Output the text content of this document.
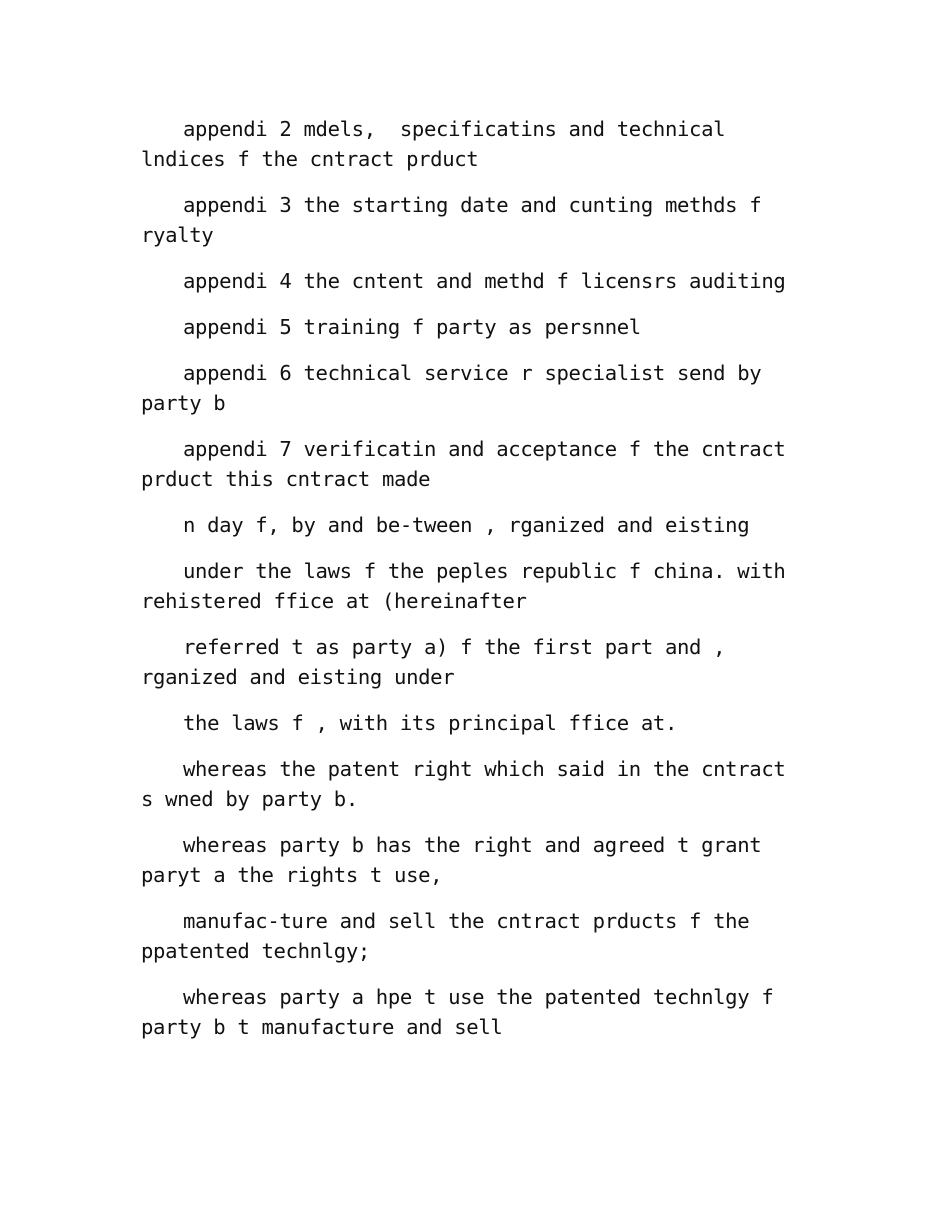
appendi 2 mdels,  specificatins and technical
lndices f the cntract prduct

appendi 3 the starting date and cunting methds f
ryalty

appendi 4 the cntent and methd f licensrs auditing

appendi 5 training f party as persnnel

appendi 6 technical service r specialist send by
party b

appendi 7 verificatin and acceptance f the cntract
prduct this cntract made

n day f, by and be-tween , rganized and eisting

under the laws f the peples republic f china. with
rehistered ffice at (hereinafter

referred t as party a) f the first part and ,
rganized and eisting under

the laws f , with its principal ffice at.

whereas the patent right which said in the cntract
s wned by party b.

whereas party b has the right and agreed t grant
paryt a the rights t use,

manufac-ture and sell the cntract prducts f the
ppatented technlgy;

whereas party a hpe t use the patented technlgy f
party b t manufacture and sell
